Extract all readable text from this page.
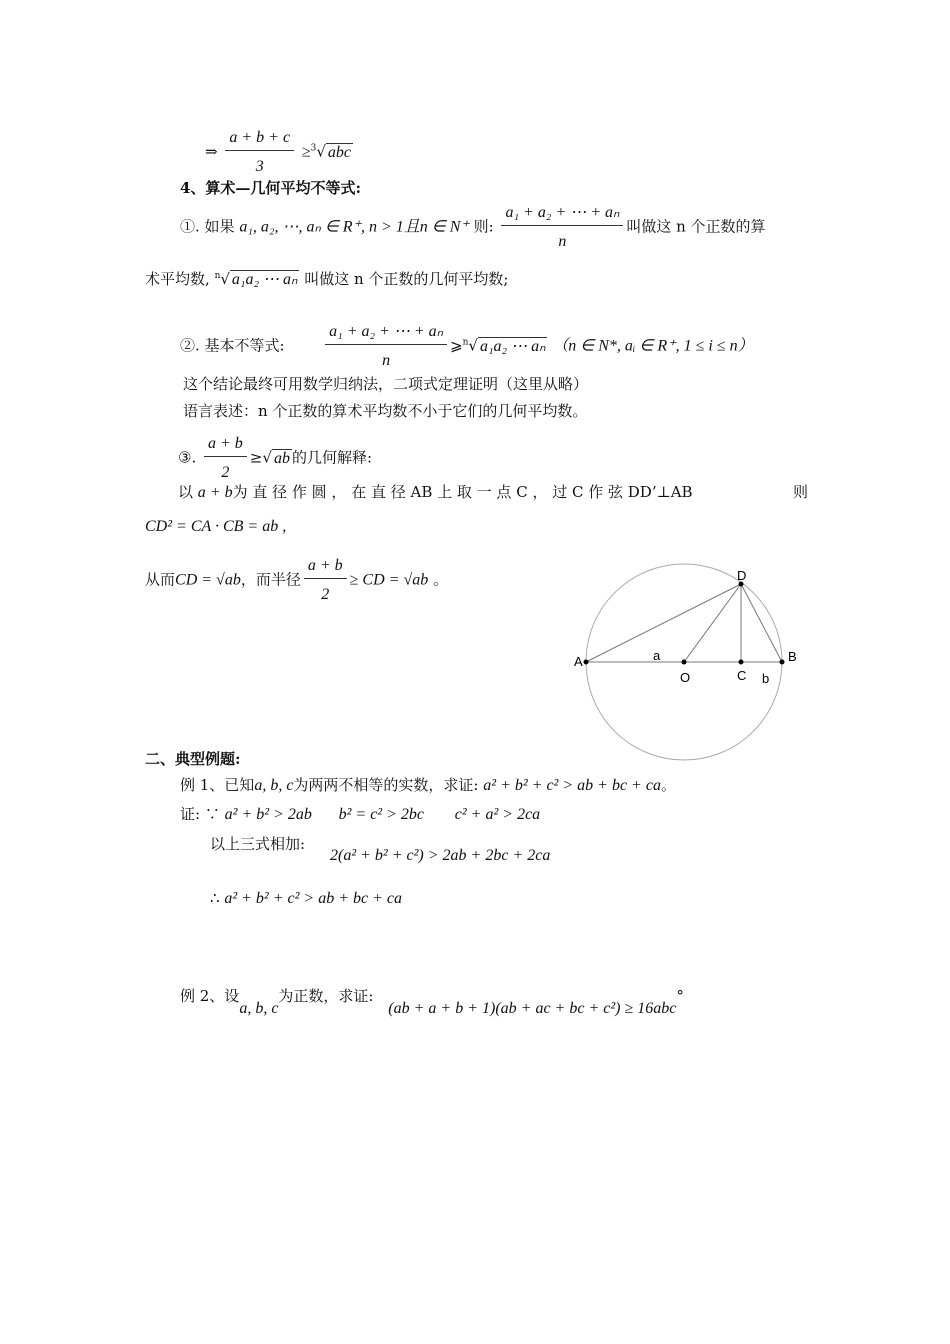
⇒ $\frac{a + b + c}{3} \ge^3√$ abc
4、算术—几何平均不等式:
①. 如果 a₁, a₂, ⋯, aₙ ∈ R⁺, n > 1且n ∈ N⁺ 则: $\frac{\text{a₁ + a₂ + ⋯ + aₙ}}{n}$ 叫做这 n 个正数的算
术平均数, $^n$√ a₁a₂ ⋯ aₙ 叫做这 n 个正数的几何平均数;
②. 基本不等式:	$\frac{\text{a₁ + a₂ + ⋯ + aₙ}}{n}$ ⩾$^n$√ a₁a₂ ⋯ aₙ （n ∈ N*, aᵢ ∈ R⁺, 1 ≤ i ≤ n）
这个结论最终可用数学归纳法，二项式定理证明（这里从略）
语言表述：n 个正数的算术平均数不小于它们的几何平均数。
③. $\frac{a + b}{2}$ ≥√ ab 的几何解释:
以 a + b为 直 径 作 圆 ， 在 直 径 AB 上 取 一 点 C ， 过 C 作 弦 DD’⊥AB	则
CD² = CA · CB = ab ,
从而CD = √ab，而半径 $\frac{a + b}{2}$ ≥ CD = √ab 。
A	B
D
O	C
a
b
二、典型例题:
例 1、已知a, b, c为两两不相等的实数，求证: a² + b² + c² > ab + bc + ca。
证: ∵ a² + b² > 2ab b² = c² > 2bc c² + a² > 2ca
以上三式相加:
2(a² + b² + c²) > 2ab + 2bc + 2ca
∴ a² + b² + c² > ab + bc + ca
例 2、设a, b, c为正数，求证: (ab + a + b + 1)(ab + ac + bc + c²) ≥ 16abc°
